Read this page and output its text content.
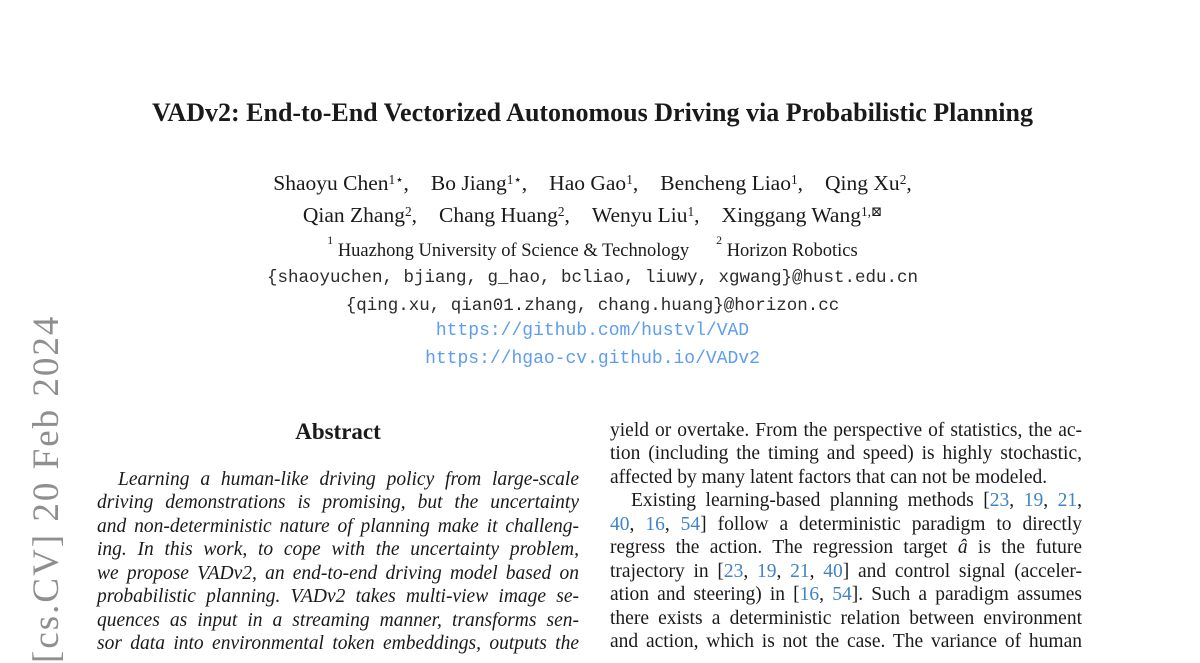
[cs.CV] 20 Feb 2024
VADv2: End-to-End Vectorized Autonomous Driving via Probabilistic Planning
Shaoyu Chen$^{1⋆}$, Bo Jiang$^{1⋆}$, Hao Gao$^1$, Bencheng Liao$^1$, Qing Xu$^2$,
Qian Zhang$^2$, Chang Huang$^2$, Wenyu Liu$^1$, Xinggang Wang$^{1,⊠}$
$^1$ Huazhong University of Science & Technology$^2$ Horizon Robotics
{shaoyuchen, bjiang, g_hao, bcliao, liuwy, xgwang}@hust.edu.cn
{qing.xu, qian01.zhang, chang.huang}@horizon.cc
https://github.com/hustvl/VAD
https://hgao-cv.github.io/VADv2
Abstract
Learning a human-like driving policy from large-scale
driving demonstrations is promising, but the uncertainty
and non-deterministic nature of planning make it challeng-
ing. In this work, to cope with the uncertainty problem,
we propose VADv2, an end-to-end driving model based on
probabilistic planning. VADv2 takes multi-view image se-
quences as input in a streaming manner, transforms sen-
sor data into environmental token embeddings, outputs the
yield or overtake. From the perspective of statistics, the ac-
tion (including the timing and speed) is highly stochastic,
affected by many latent factors that can not be modeled.
Existing learning-based planning methods [23, 19, 21,
40, 16, 54] follow a deterministic paradigm to directly
regress the action. The regression target â is the future
trajectory in [23, 19, 21, 40] and control signal (acceler-
ation and steering) in [16, 54]. Such a paradigm assumes
there exists a deterministic relation between environment
and action, which is not the case. The variance of human
